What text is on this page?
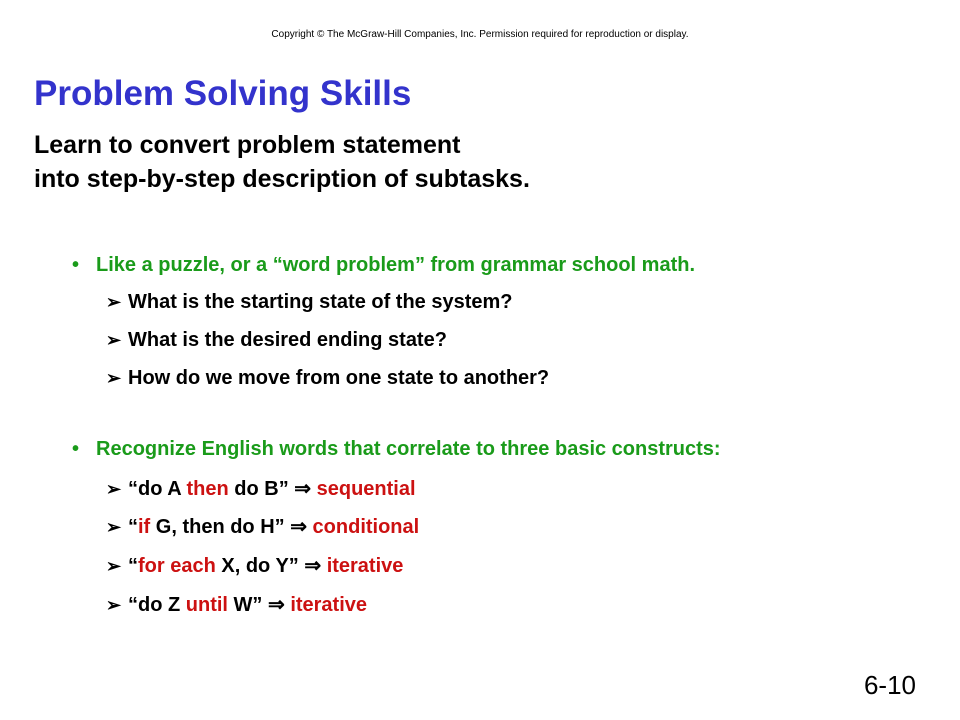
Copyright © The McGraw-Hill Companies, Inc. Permission required for reproduction or display.
Problem Solving Skills
Learn to convert problem statement
into step-by-step description of subtasks.
• Like a puzzle, or a “word problem” from grammar school math.
➢ What is the starting state of the system?
➢ What is the desired ending state?
➢ How do we move from one state to another?
• Recognize English words that correlate to three basic constructs:
➢ “do A then do B” ⇒ sequential
➢ “if G, then do H” ⇒ conditional
➢ “for each X, do Y” ⇒ iterative
➢ “do Z until W” ⇒ iterative
6-10
